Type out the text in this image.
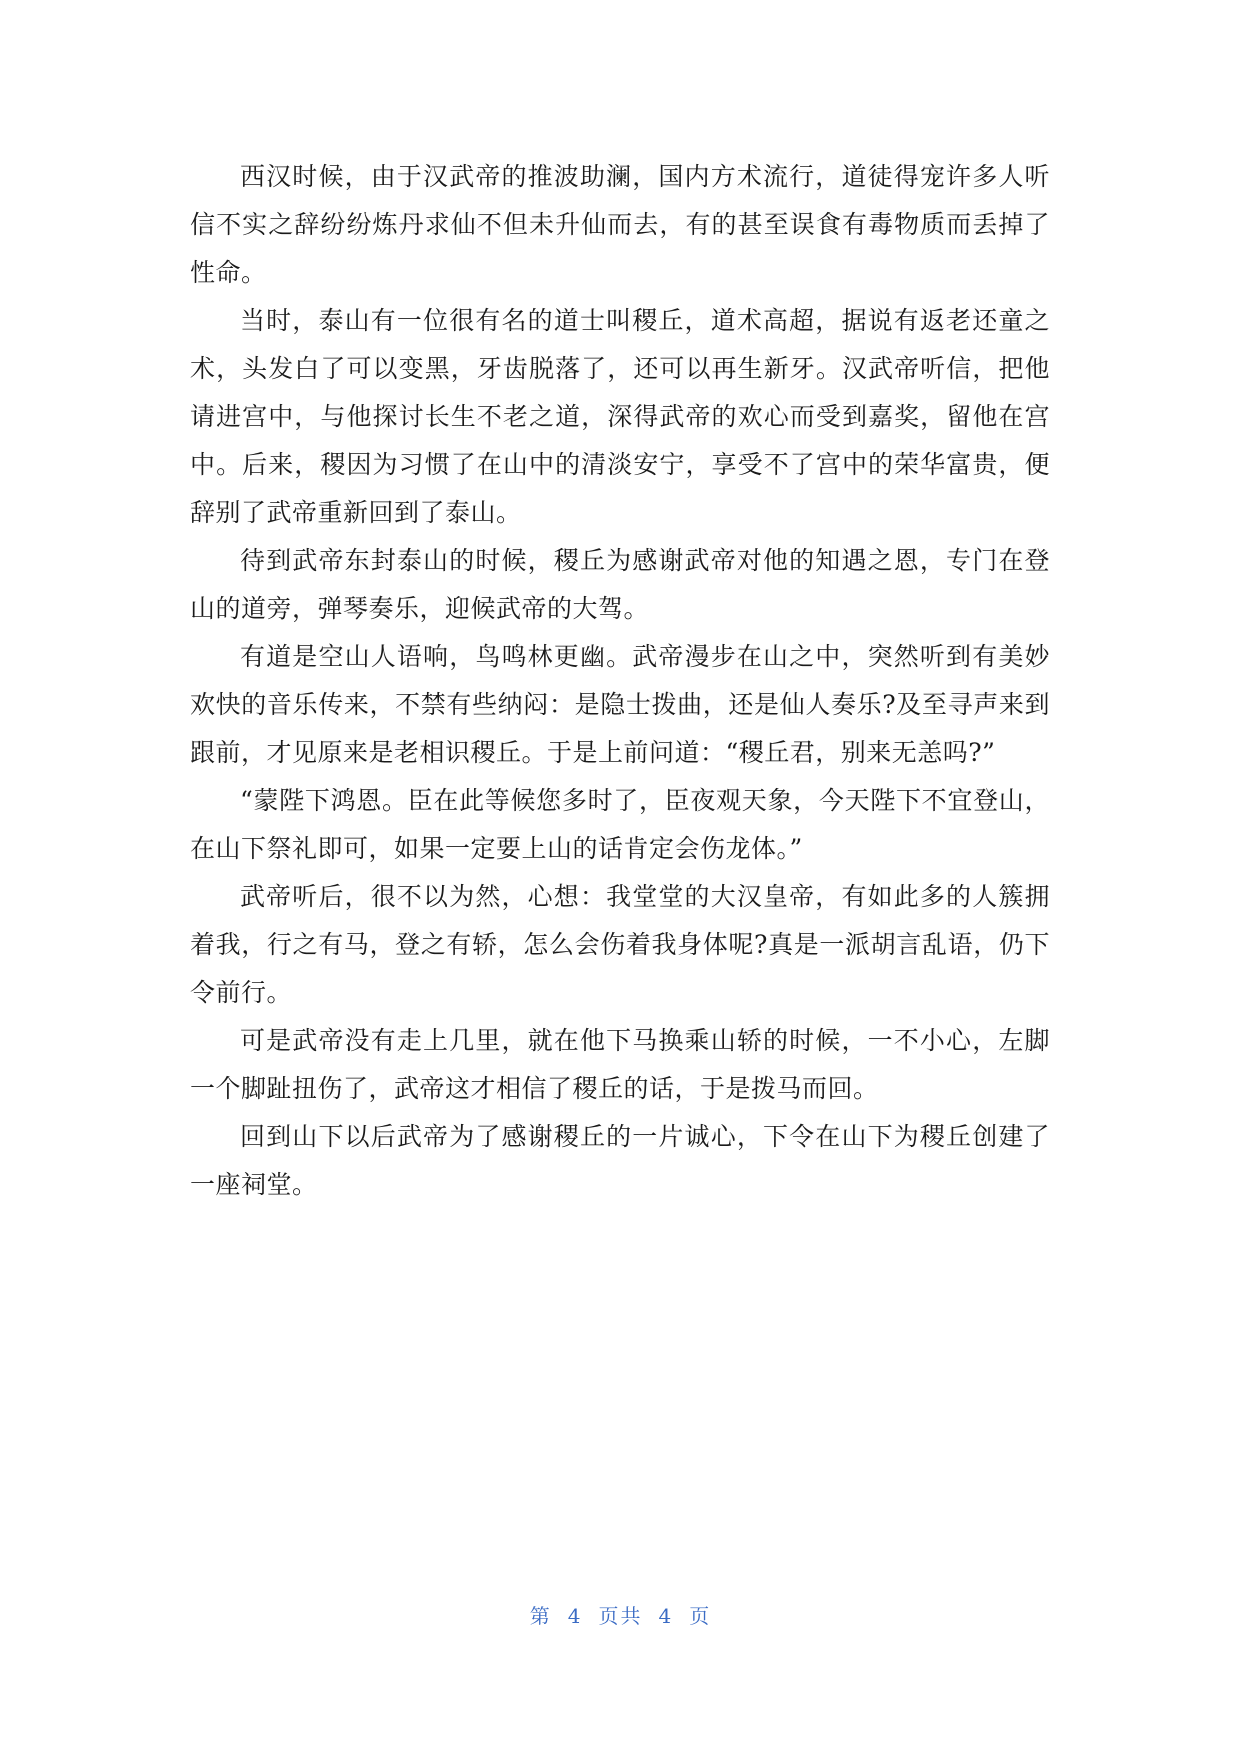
西汉时候，由于汉武帝的推波助澜，国内方术流行，道徒得宠许多人听信不实之辞纷纷炼丹求仙不但未升仙而去，有的甚至误食有毒物质而丢掉了性命。

当时，泰山有一位很有名的道士叫稷丘，道术高超，据说有返老还童之术，头发白了可以变黑，牙齿脱落了，还可以再生新牙。汉武帝听信，把他请进宫中，与他探讨长生不老之道，深得武帝的欢心而受到嘉奖，留他在宫中。后来，稷因为习惯了在山中的清淡安宁，享受不了宫中的荣华富贵，便辞别了武帝重新回到了泰山。

待到武帝东封泰山的时候，稷丘为感谢武帝对他的知遇之恩，专门在登山的道旁，弹琴奏乐，迎候武帝的大驾。

有道是空山人语响，鸟鸣林更幽。武帝漫步在山之中，突然听到有美妙欢快的音乐传来，不禁有些纳闷：是隐士拨曲，还是仙人奏乐?及至寻声来到跟前，才见原来是老相识稷丘。于是上前问道：“稷丘君，别来无恙吗?”

“蒙陛下鸿恩。臣在此等候您多时了，臣夜观天象，今天陛下不宜登山，在山下祭礼即可，如果一定要上山的话肯定会伤龙体。”

武帝听后，很不以为然，心想：我堂堂的大汉皇帝，有如此多的人簇拥着我，行之有马，登之有轿，怎么会伤着我身体呢?真是一派胡言乱语，仍下令前行。

可是武帝没有走上几里，就在他下马换乘山轿的时候，一不小心，左脚一个脚趾扭伤了，武帝这才相信了稷丘的话，于是拨马而回。

回到山下以后武帝为了感谢稷丘的一片诚心，下令在山下为稷丘创建了一座祠堂。

第 4 页共 4 页
